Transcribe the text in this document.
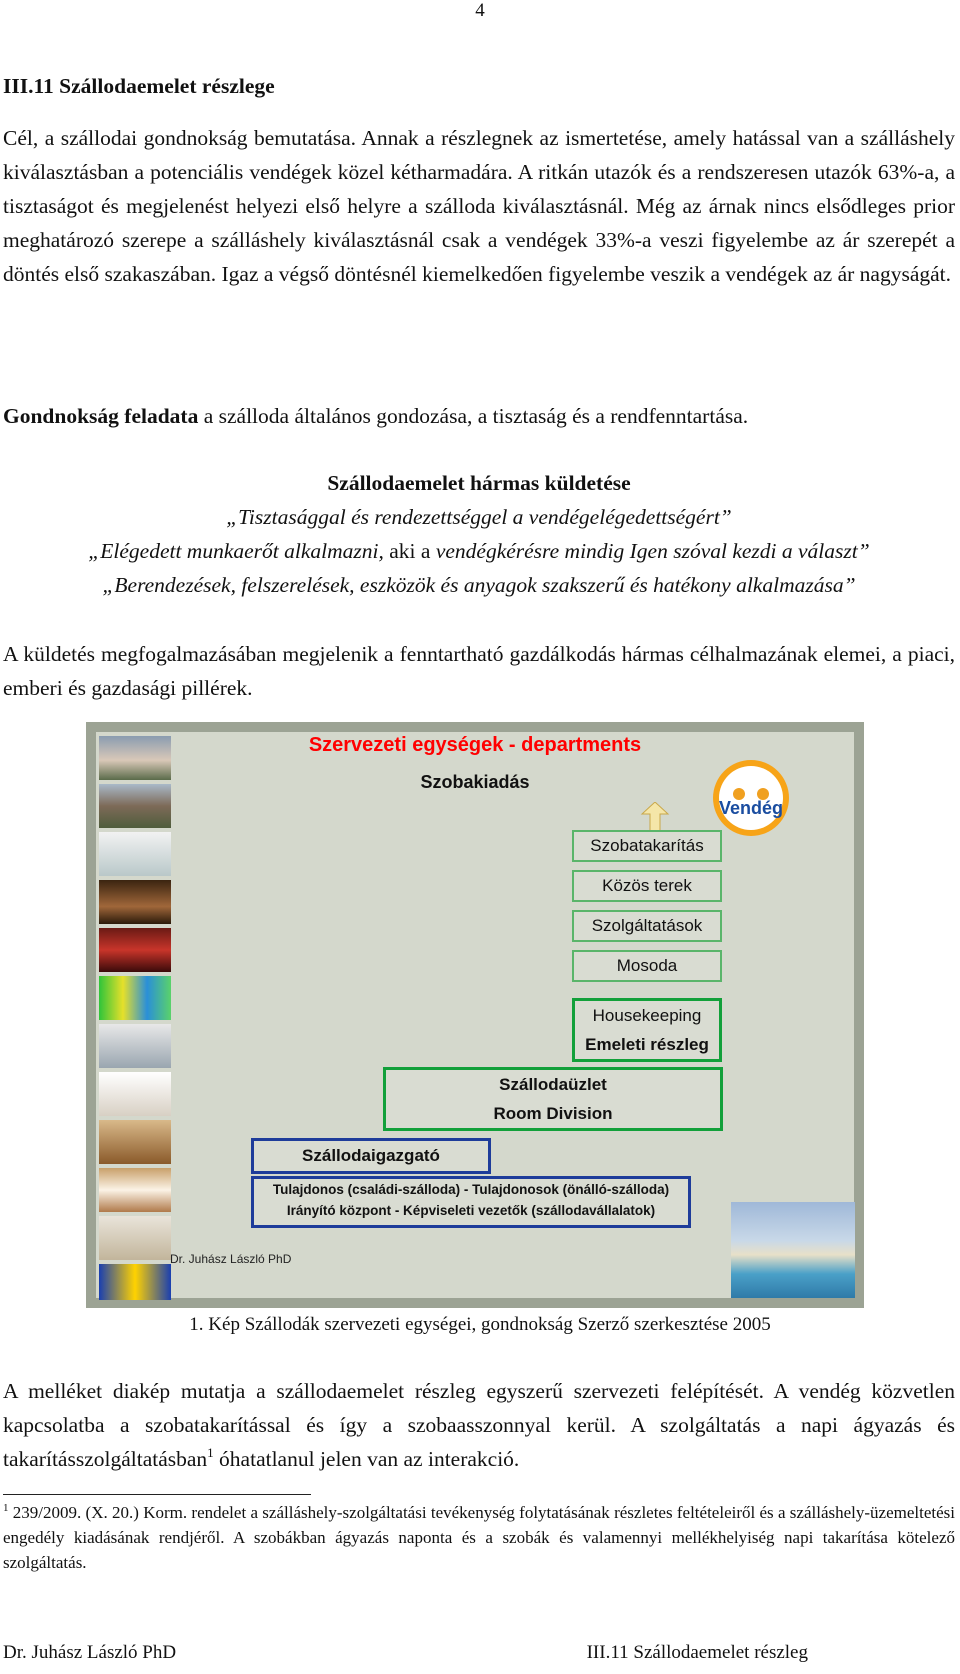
4
III.11 Szállodaemelet részlege

Cél, a szállodai gondnokság bemutatása. Annak a részlegnek az ismertetése, amely hatással van a szálláshely kiválasztásban a potenciális vendégek közel kétharmadára. A ritkán utazók és a rendszeresen utazók 63%-a, a tisztaságot és megjelenést helyezi első helyre a szálloda kiválasztásnál. Még az árnak nincs elsődleges prior meghatározó szerepe a szálláshely kiválasztásnál csak a vendégek 33%-a veszi figyelembe az ár szerepét a döntés első szakaszában. Igaz a végső döntésnél kiemelkedően figyelembe veszik a vendégek az ár nagyságát.

Gondnokság feladata a szálloda általános gondozása, a tisztaság és a rendfenntartása.

Szállodaemelet hármas küldetése
„Tisztasággal és rendezettséggel a vendégelégedettségért”
„Elégedett munkaerőt alkalmazni, aki a vendégkérésre mindig Igen szóval kezdi a választ”
„Berendezések, felszerelések, eszközök és anyagok szakszerű és hatékony alkalmazása”

A küldetés megfogalmazásában megjelenik a fenntartható gazdálkodás hármas célhalmazának elemei, a piaci, emberi és gazdasági pillérek.

Szervezeti egységek - departments
Szobakiadás
Vendég
Szobatakarítás
Közös terek
Szolgáltatások
Mosoda
Housekeeping
Emeleti részleg
Szállodaüzlet
Room Division
Szállodaigazgató
Tulajdonos (családi-szálloda) - Tulajdonosok (önálló-szálloda)
Irányító központ - Képviseleti vezetők (szállodavállalatok)
Dr. Juhász László PhD
1. Kép Szállodák szervezeti egységei, gondnokság Szerző szerkesztése 2005

A melléket diakép mutatja a szállodaemelet részleg egyszerű szervezeti felépítését. A vendég közvetlen kapcsolatba a szobatakarítással és így a szobaasszonnyal kerül. A szolgáltatás a napi ágyazás és takarításszolgáltatásban$^1$ óhatatlanul jelen van az interakció.

$^1$ 239/2009. (X. 20.) Korm. rendelet a szálláshely-szolgáltatási tevékenység folytatásának részletes feltételeiről és a szálláshely-üzemeltetési engedély kiadásának rendjéről. A szobákban ágyazás naponta és a szobák és valamennyi mellékhelyiség napi takarítása kötelező szolgáltatás.

Dr. Juhász László PhD	III.11 Szállodaemelet részleg
